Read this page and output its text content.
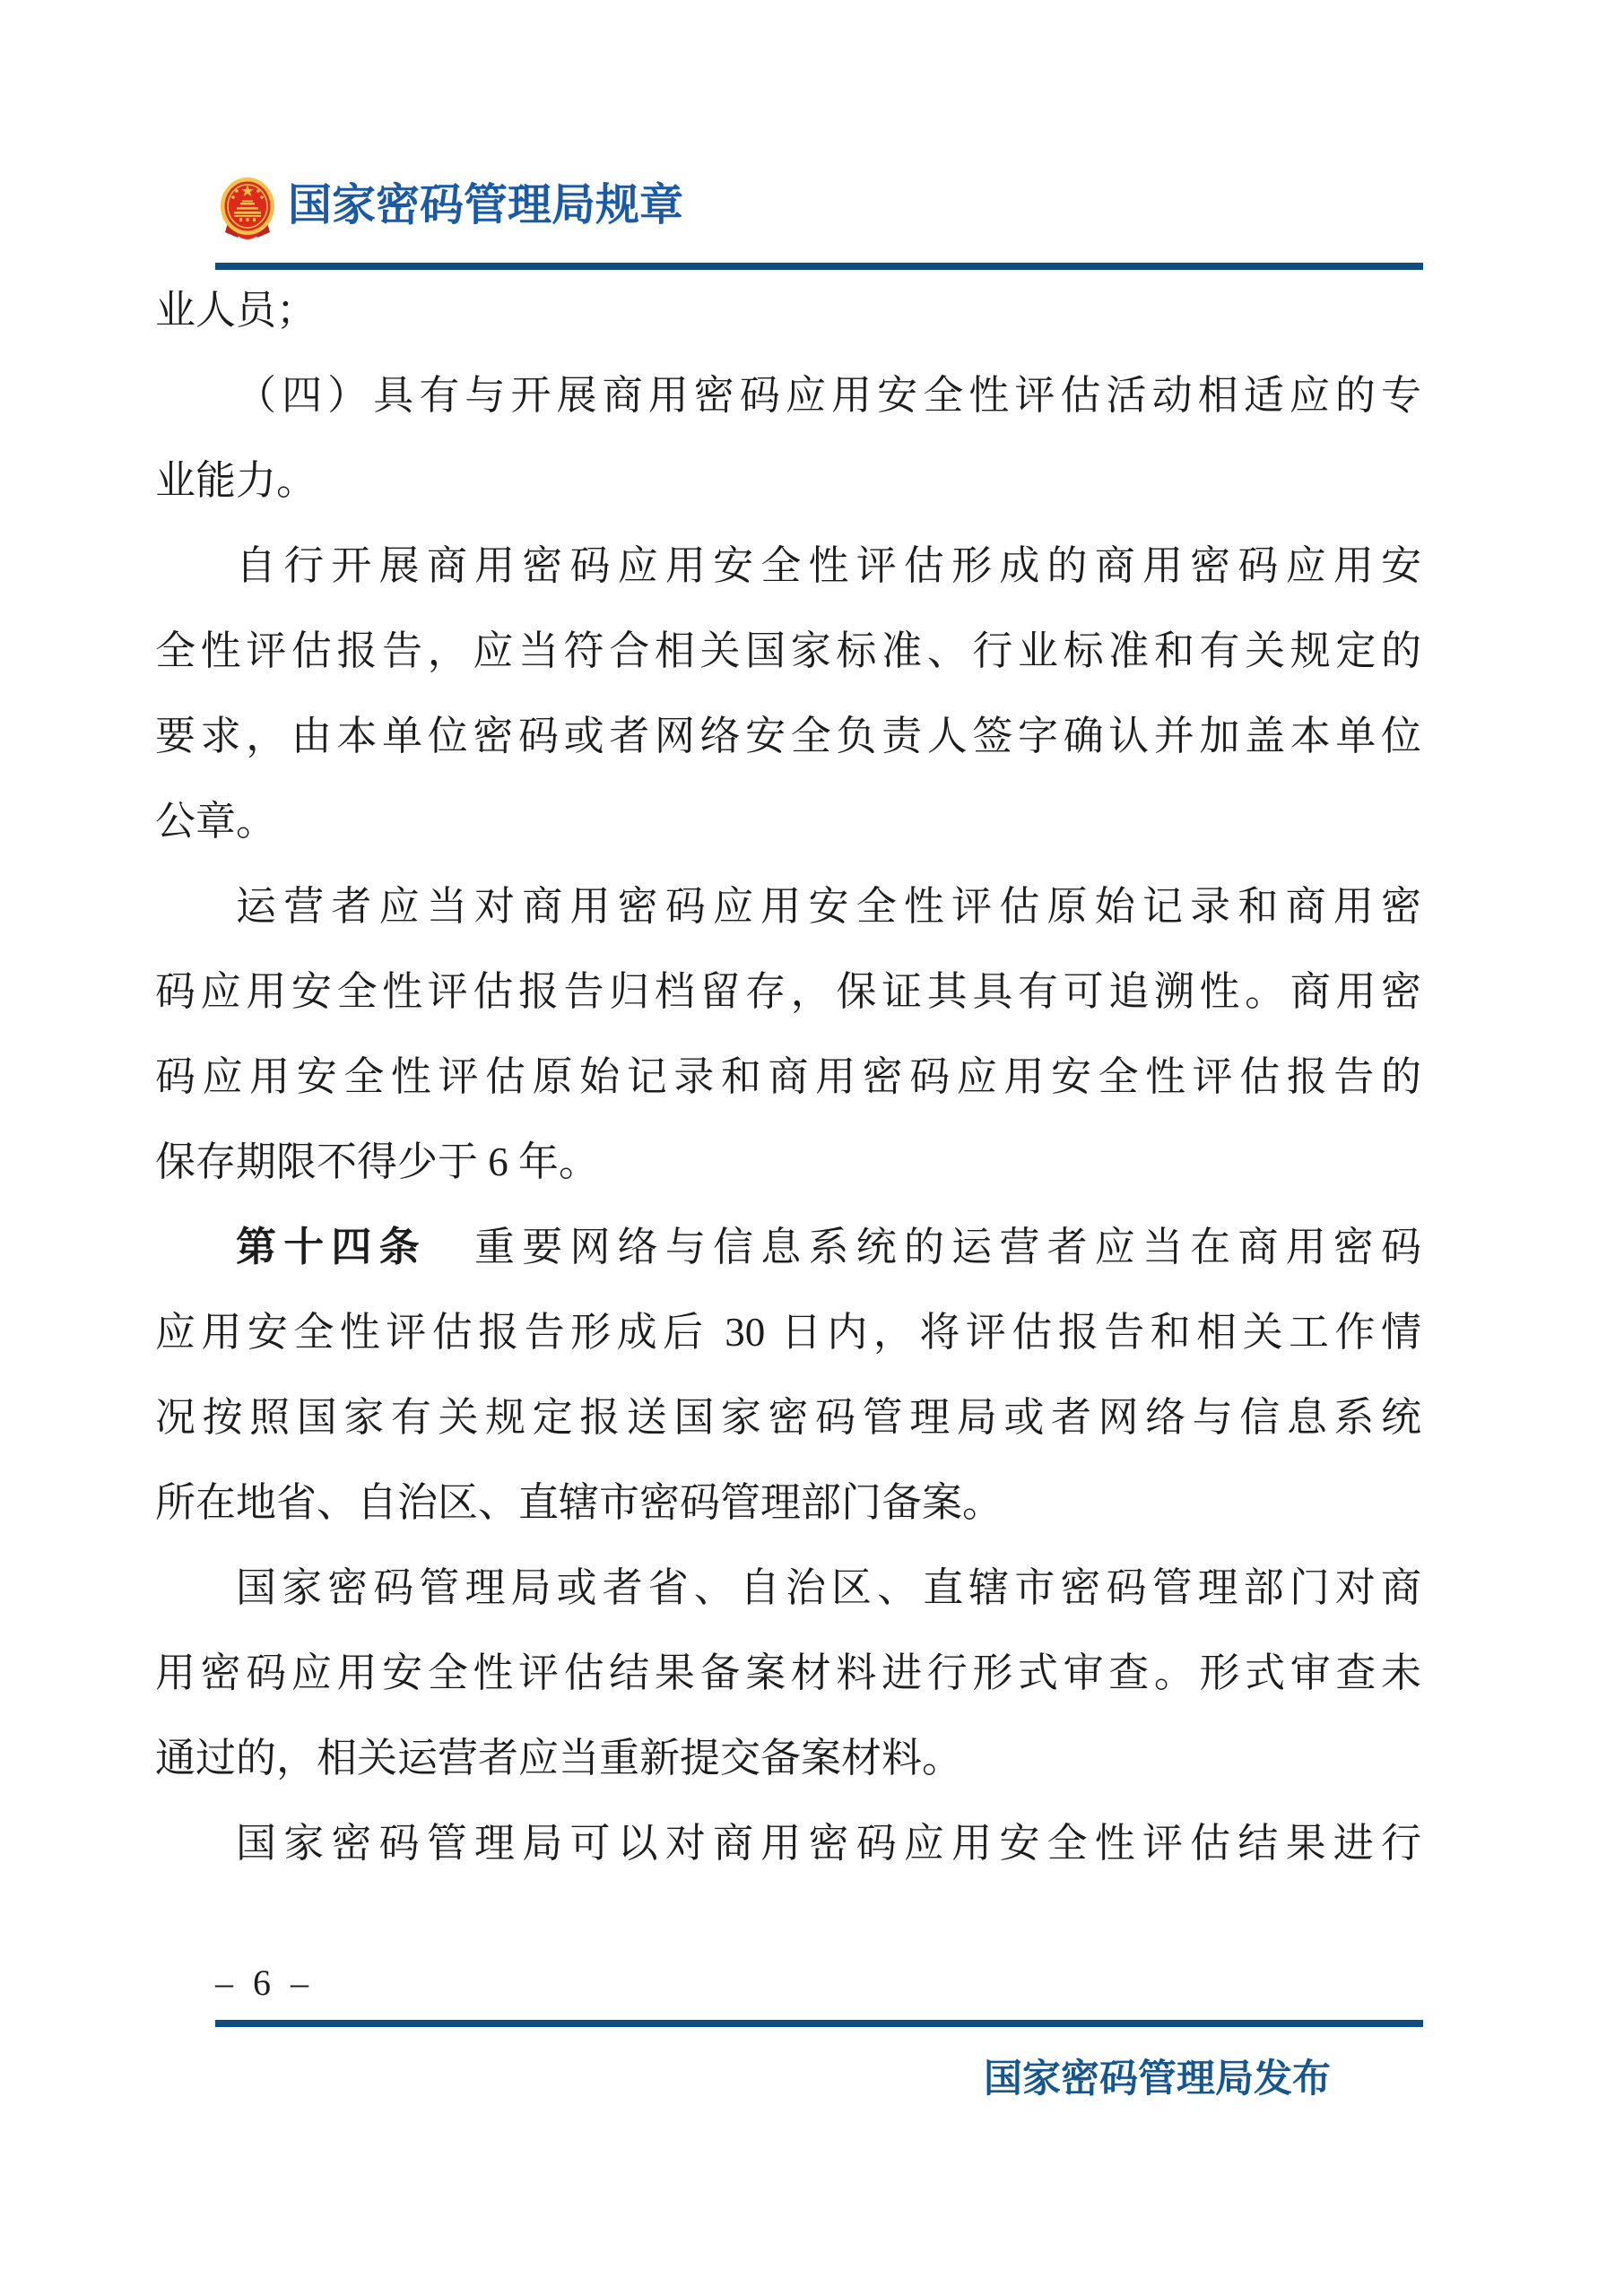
国家密码管理局规章
业人员；
（四）具有与开展商用密码应用安全性评估活动相适应的专
业能力。
自行开展商用密码应用安全性评估形成的商用密码应用安
全性评估报告，应当符合相关国家标准、行业标准和有关规定的
要求，由本单位密码或者网络安全负责人签字确认并加盖本单位
公章。
运营者应当对商用密码应用安全性评估原始记录和商用密
码应用安全性评估报告归档留存，保证其具有可追溯性。商用密
码应用安全性评估原始记录和商用密码应用安全性评估报告的
保存期限不得少于 6 年。
第十四条　重要网络与信息系统的运营者应当在商用密码
应用安全性评估报告形成后 30 日内，将评估报告和相关工作情
况按照国家有关规定报送国家密码管理局或者网络与信息系统
所在地省、自治区、直辖市密码管理部门备案。
国家密码管理局或者省、自治区、直辖市密码管理部门对商
用密码应用安全性评估结果备案材料进行形式审查。形式审查未
通过的，相关运营者应当重新提交备案材料。
国家密码管理局可以对商用密码应用安全性评估结果进行
– 6 –
国家密码管理局发布
